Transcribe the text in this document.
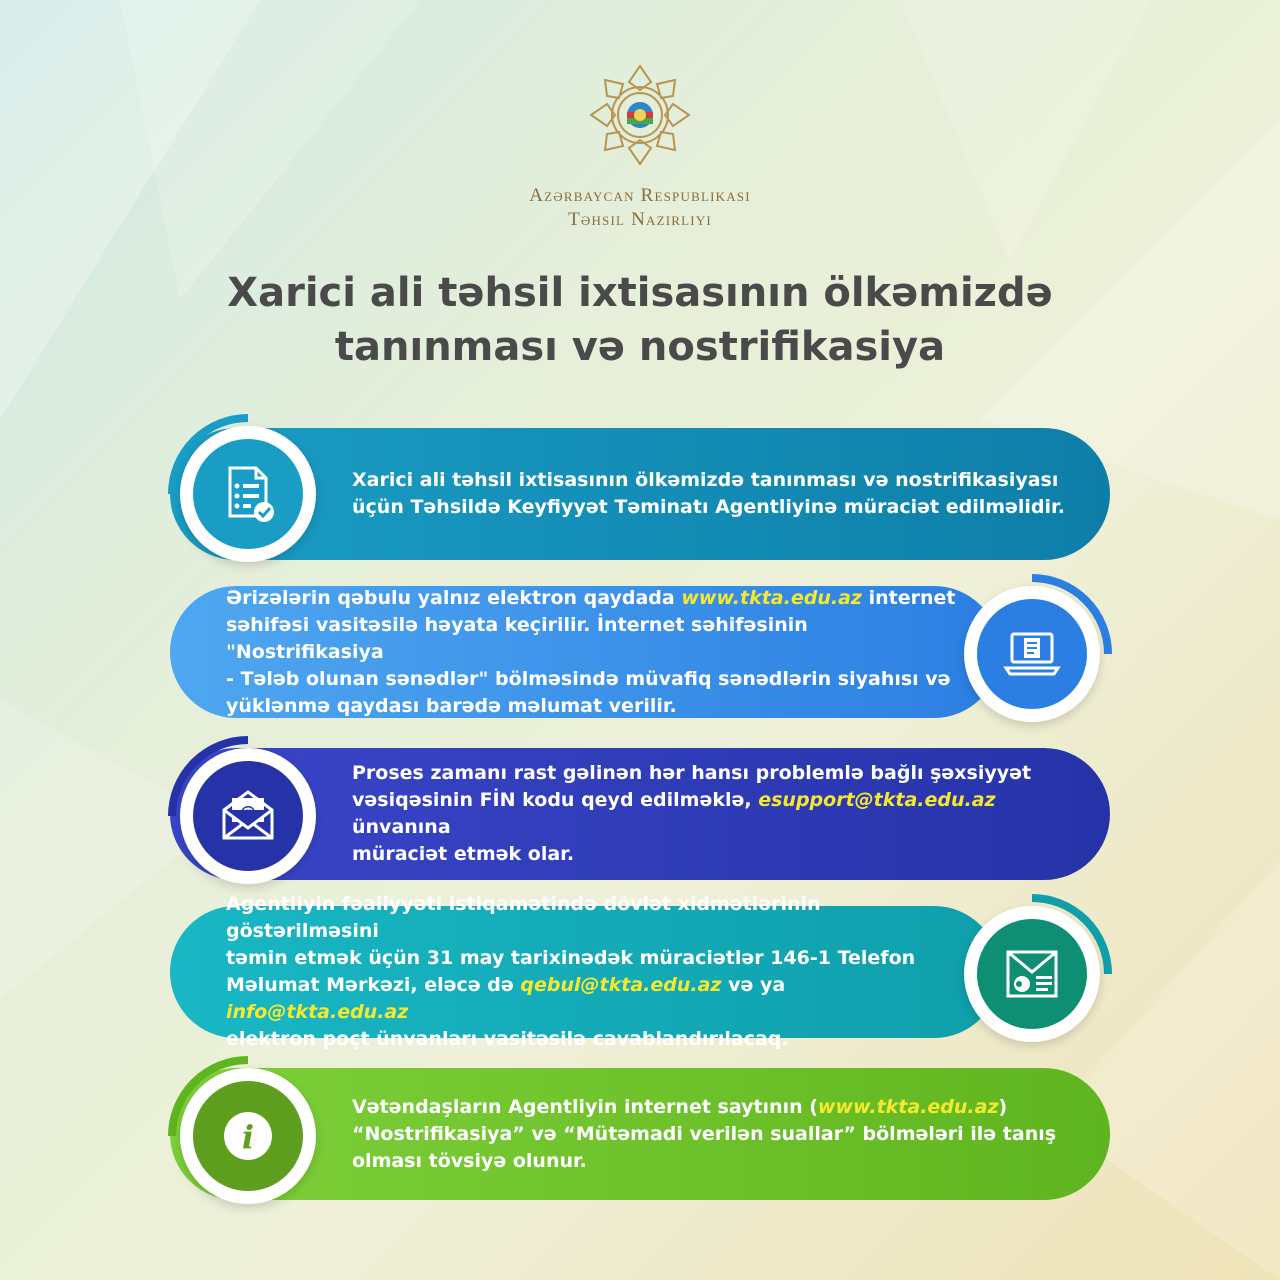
Azərbaycan Respublikası
Təhsil Nazirliyi
Xarici ali təhsil ixtisasının ölkəmizdə
tanınması və nostrifikasiya
Xarici ali təhsil ixtisasının ölkəmizdə tanınması və nostrifikasiyası
üçün Təhsildə Keyfiyyət Təminatı Agentliyinə müraciət edilməlidir.
Ərizələrin qəbulu yalnız elektron qaydada www.tkta.edu.az internet
səhifəsi vasitəsilə həyata keçirilir. İnternet səhifəsinin "Nostrifikasiya
- Tələb olunan sənədlər" bölməsində müvafiq sənədlərin siyahısı və
yüklənmə qaydası barədə məlumat verilir.
Proses zamanı rast gəlinən hər hansı problemlə bağlı şəxsiyyət
vəsiqəsinin FİN kodu qeyd edilməklə, esupport@tkta.edu.az ünvanına
müraciət etmək olar.
Agentliyin fəaliyyəti istiqamətində dövlət xidmətlərinin göstərilməsini
təmin etmək üçün 31 may tarixinədək müraciətlər 146-1 Telefon
Məlumat Mərkəzi, eləcə də qebul@tkta.edu.az və ya info@tkta.edu.az
elektron poçt ünvanları vasitəsilə cavablandırılacaq.
Vətəndaşların Agentliyin internet saytının (www.tkta.edu.az)
“Nostrifikasiya” və “Mütəmadi verilən suallar” bölmələri ilə tanış
olması tövsiyə olunur.
i
